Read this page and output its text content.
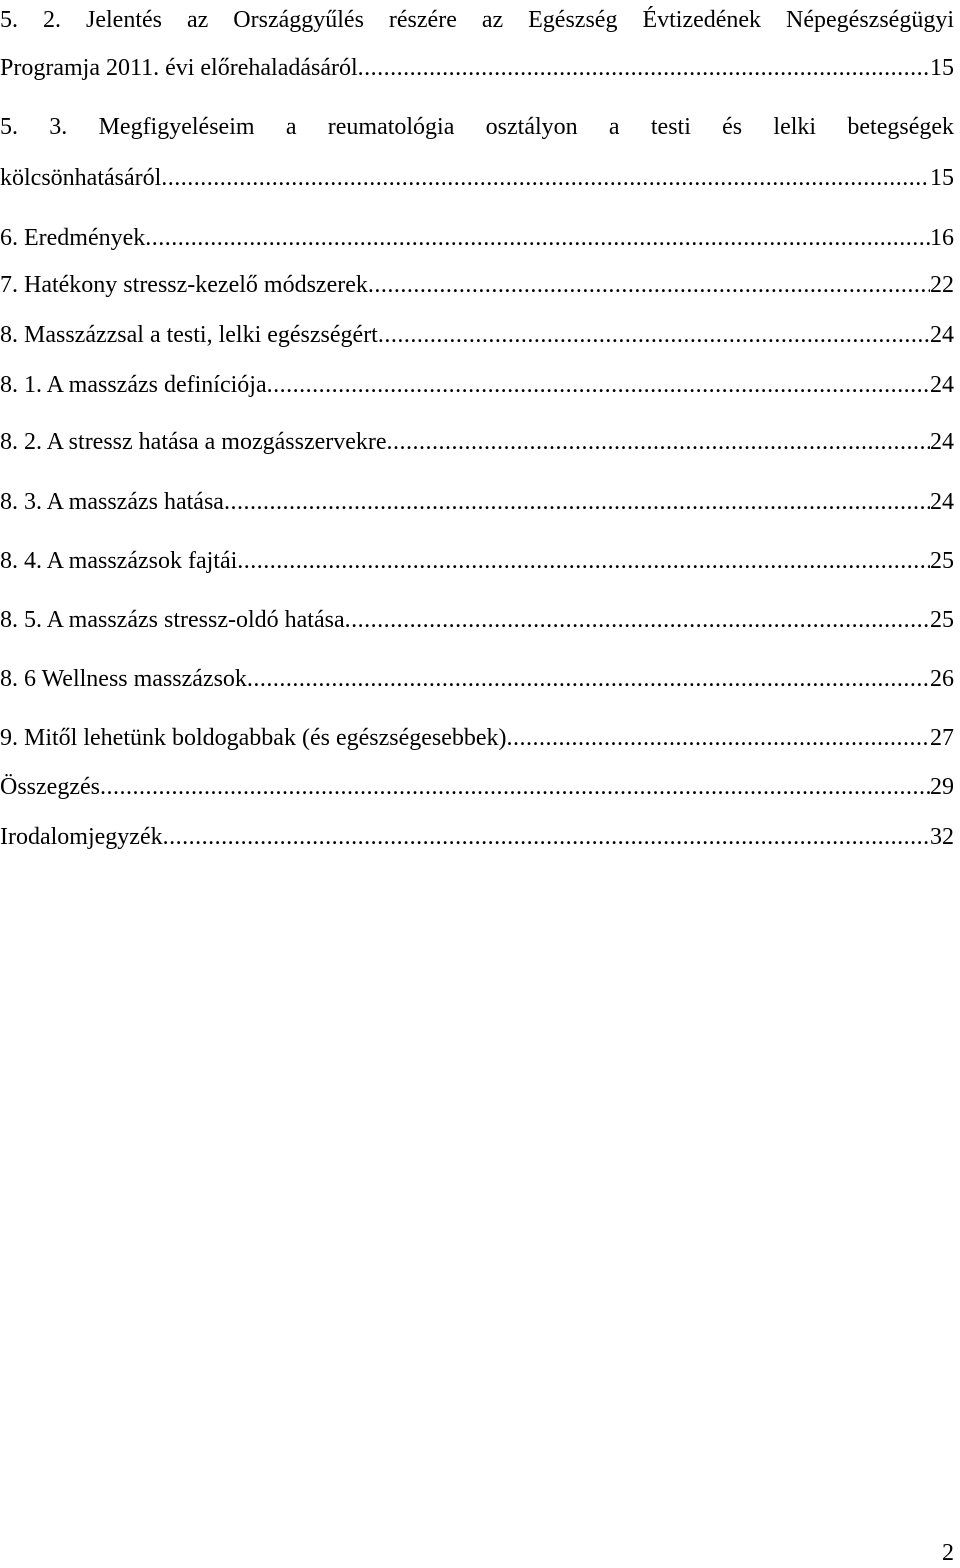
5. 2. Jelentés az Országgyűlés részére az Egészség Évtizedének Népegészségügyi
Programja 2011. évi előrehaladásáról .....	15
5. 3. Megfigyeléseim a reumatológia osztályon a testi és lelki betegségek
kölcsönhatásáról .....	15
6. Eredmények .....	16
7. Hatékony stressz-kezelő módszerek .....	22
8. Masszázzsal a testi, lelki egészségért .....	24
8. 1. A masszázs definíciója .....	24
8. 2. A stressz hatása a mozgásszervekre .....	24
8. 3. A masszázs hatása .....	24
8. 4. A masszázsok fajtái .....	25
8. 5. A masszázs stressz-oldó hatása .....	25
8. 6 Wellness masszázsok .....	26
9. Mitől lehetünk boldogabbak (és egészségesebbek) .....	27
Összegzés .....	29
Irodalomjegyzék .....	32
2
